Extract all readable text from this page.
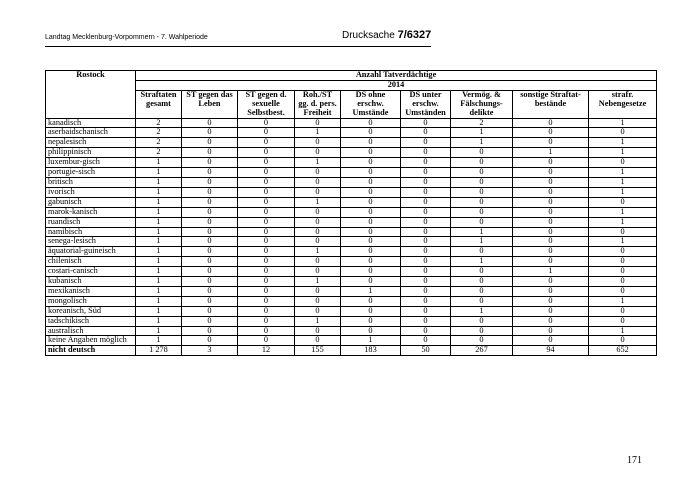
Landtag Mecklenburg-Vorpommern - 7. Wahlperiode	Drucksache 7/6327
Rostock	Anzahl Tatverdächtige								
	2014								
	Straftaten gesamt	ST gegen das Leben	ST gegen d. sexuelle Selbstbest.	Roh./ST gg. d. pers. Freiheit	DS ohne erschw. Umstände	DS unter erschw. Umständen	Vermög. & Fälschungs-delikte	sonstige Straftat-bestände	strafr. Nebengesetze
kanadisch	2	0	0	0	0	0	2	0	1
aserbaidschanisch	2	0	0	1	0	0	1	0	0
nepalesisch	2	0	0	0	0	0	1	0	1
philippinisch	2	0	0	0	0	0	0	1	1
luxembur-gisch	1	0	0	1	0	0	0	0	0
portugie-sisch	1	0	0	0	0	0	0	0	1
britisch	1	0	0	0	0	0	0	0	1
ivorisch	1	0	0	0	0	0	0	0	1
gabunisch	1	0	0	1	0	0	0	0	0
marok-kanisch	1	0	0	0	0	0	0	0	1
ruandisch	1	0	0	0	0	0	0	0	1
namibisch	1	0	0	0	0	0	1	0	0
senega-lesisch	1	0	0	0	0	0	1	0	1
äquatorial-guineisch	1	0	0	1	0	0	0	0	0
chilenisch	1	0	0	0	0	0	1	0	0
costari-canisch	1	0	0	0	0	0	0	1	0
kubanisch	1	0	0	1	0	0	0	0	0
mexikanisch	1	0	0	0	1	0	0	0	0
mongolisch	1	0	0	0	0	0	0	0	1
koreanisch, Süd	1	0	0	0	0	0	1	0	0
tadschikisch	1	0	0	1	0	0	0	0	0
australisch	1	0	0	0	0	0	0	0	1
keine Angaben möglich	1	0	0	0	1	0	0	0	0
nicht deutsch	1 278	3	12	155	183	50	267	94	652
171
